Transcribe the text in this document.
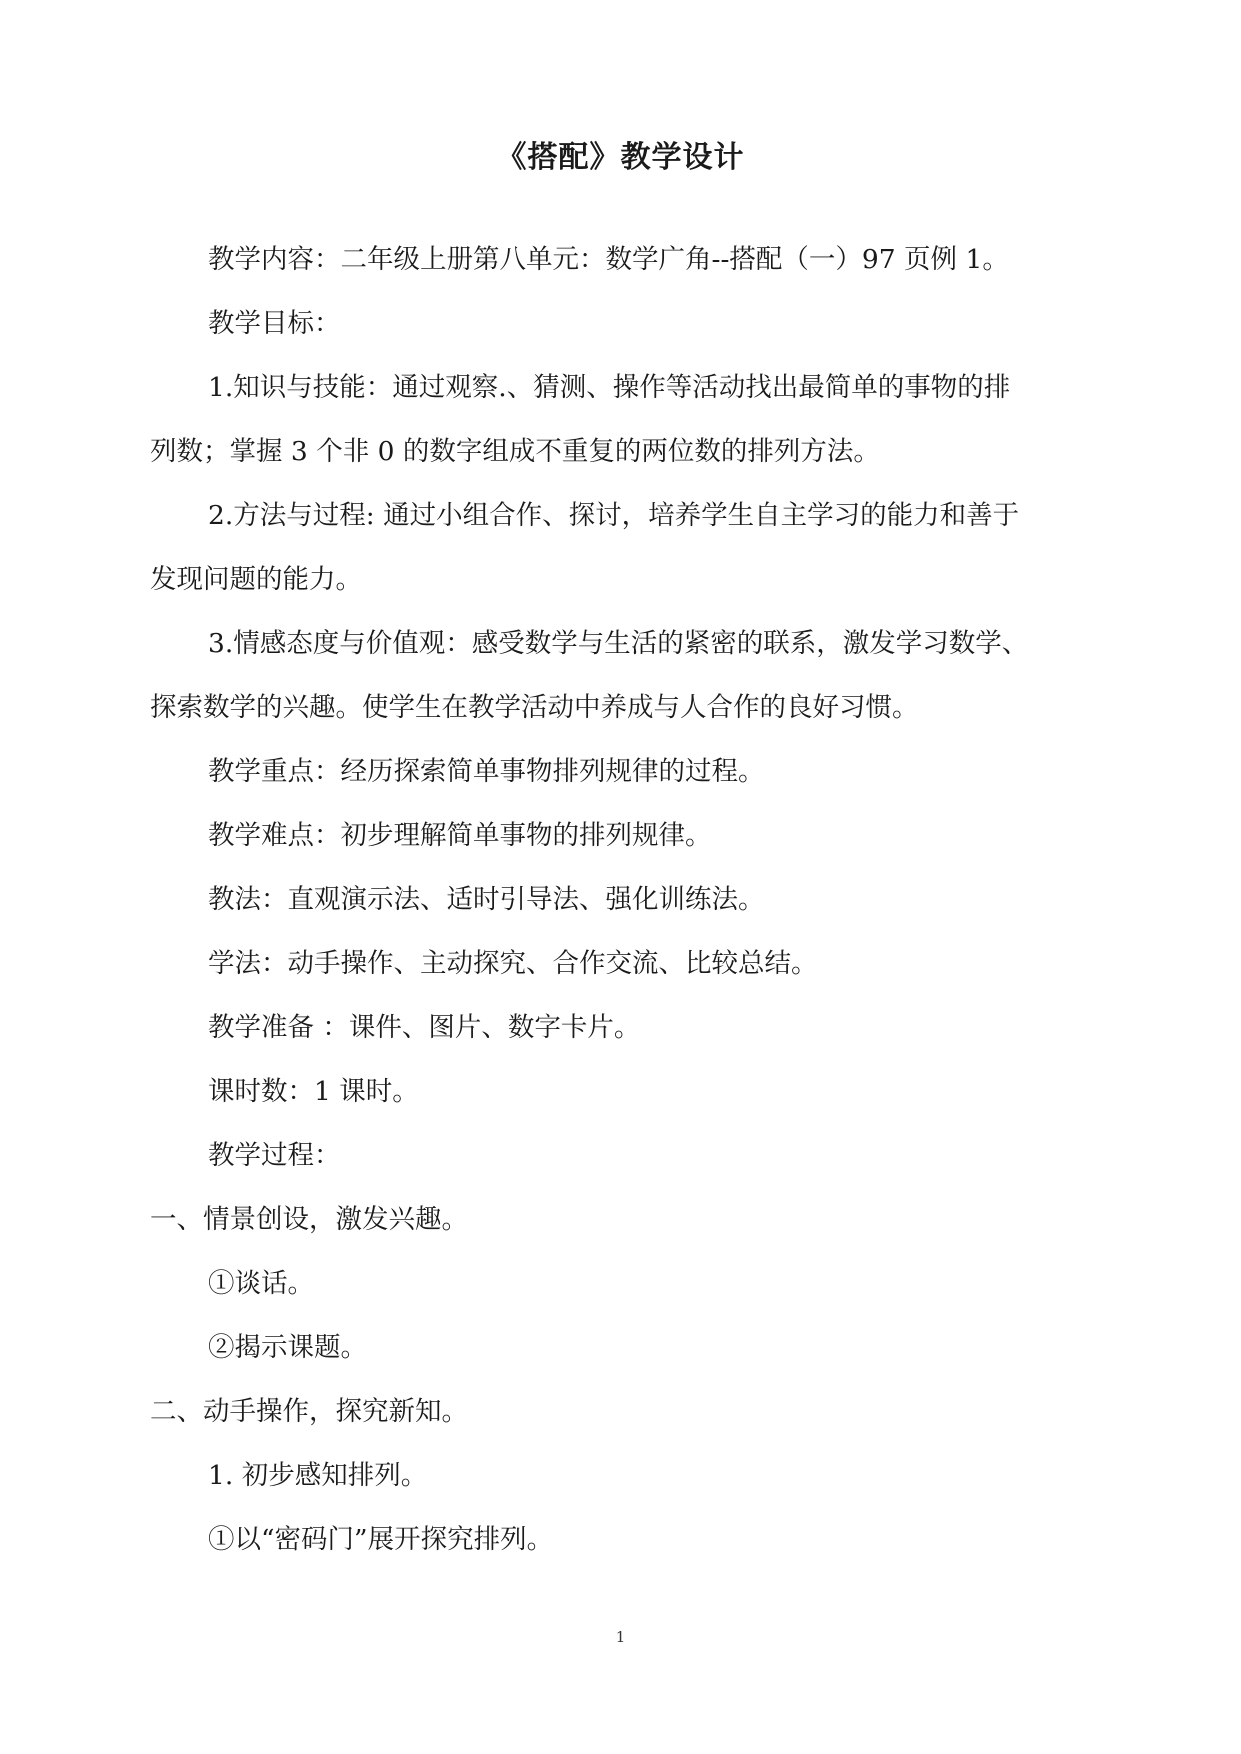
《搭配》教学设计

教学内容：二年级上册第八单元：数学广角--搭配（一）97 页例 1。

教学目标：

1.知识与技能：通过观察.、猜测、操作等活动找出最简单的事物的排

列数；掌握 3 个非 0 的数字组成不重复的两位数的排列方法。

2.方法与过程: 通过小组合作、探讨，培养学生自主学习的能力和善于

发现问题的能力。

3.情感态度与价值观：感受数学与生活的紧密的联系，激发学习数学、

探索数学的兴趣。使学生在教学活动中养成与人合作的良好习惯。

教学重点：经历探索简单事物排列规律的过程。

教学难点：初步理解简单事物的排列规律。

教法：直观演示法、适时引导法、强化训练法。

学法：动手操作、主动探究、合作交流、比较总结。

教学准备 ：课件、图片、数字卡片。

课时数：1 课时。

教学过程：

一、情景创设，激发兴趣。

①谈话。

②揭示课题。

二、动手操作，探究新知。

1. 初步感知排列。

①以“密码门”展开探究排列。

1
